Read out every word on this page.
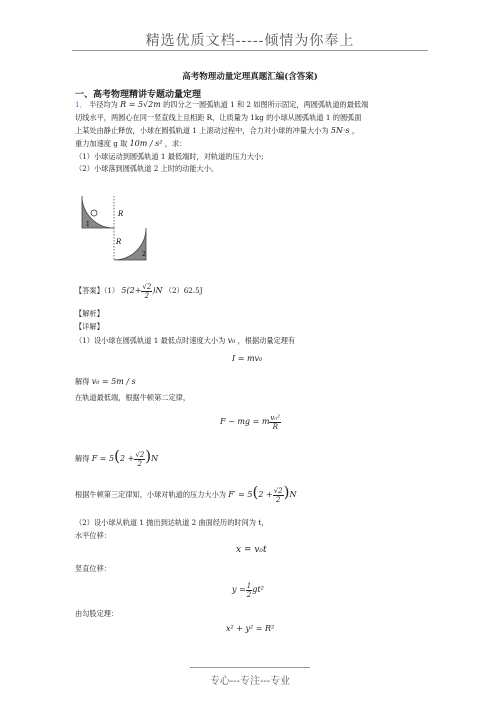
精选优质文档-----倾情为你奉上
高考物理动量定理真题汇编(含答案)
一、高考物理精讲专题动量定理
1． 半径均为 R = 5√2m 的四分之一圆弧轨道 1 和 2 如图所示固定，两圆弧轨道的最低端
切线水平，两圆心在同一竖直线上且相距 R，让质量为 1kg 的小球从圆弧轨道 1 的圆弧面
上某处由静止释放，小球在圆弧轨道 1 上滚动过程中，合力对小球的冲量大小为 5N·s ，
重力加速度 g 取 10m / s² ，求：
（1）小球运动到圆弧轨道 1 最低端时，对轨道的压力大小;
（2）小球落到圆弧轨道 2 上时的动能大小。
R
R
1
2
【答案】（1） $5(2+ \frac{√2}{2} )N$ （2）62.5J
【解析】
【详解】
（1）设小球在圆弧轨道 1 最低点时速度大小为 v₀ ，根据动量定理有
I = mv₀
解得 v₀ = 5m / s
在轨道最低端，根据牛顿第二定律，
F − mg = m $\frac{\text{v₀²}}{R}$
解得 $F = 5(2 + \frac{√2}{2} )N$
根据牛顿第三定律知，小球对轨道的压力大小为 $F' = 5(2 + \frac{√2}{2} )N$
（2）设小球从轨道 1 抛出到达轨道 2 曲面经历的时间为 t，
水平位移：
x = v₀t
竖直位移：
$y = \frac{1}{2} gt^2$
由勾股定理：
x² + y² = R²
专心---专注---专业
